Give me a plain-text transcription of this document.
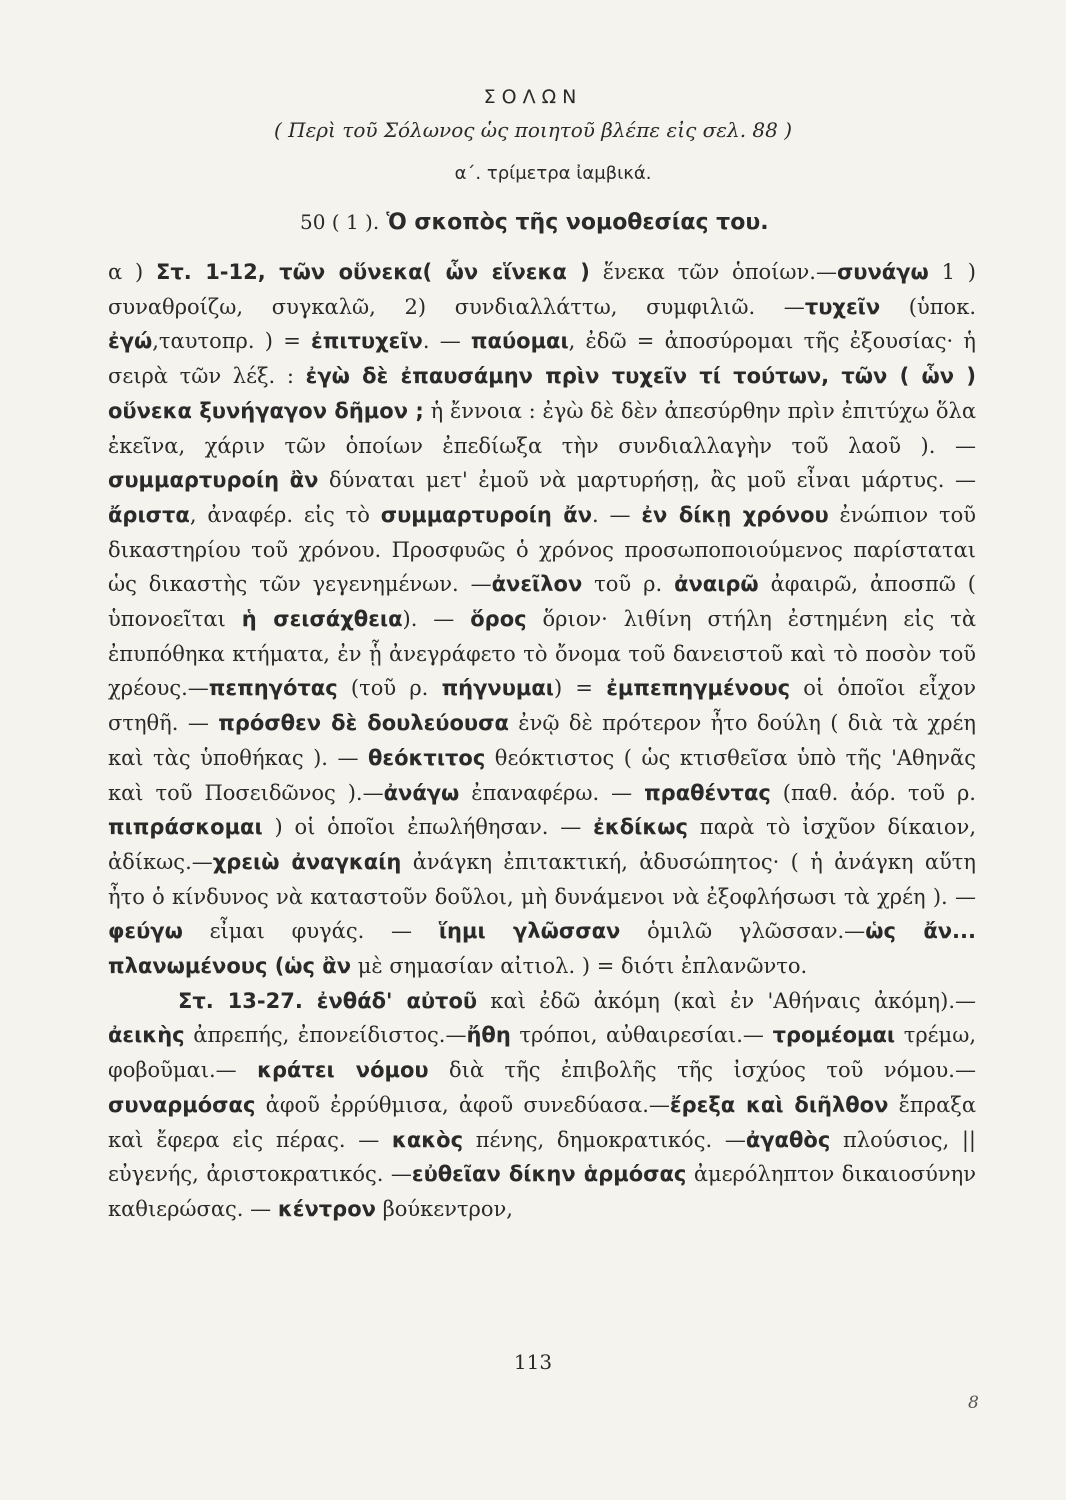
ΣΟΛΩΝ
( Περὶ τοῦ Σόλωνος ὡς ποιητοῦ βλέπε εἰς σελ. 88 )
α΄. τρίμετρα ἰαμβικά.
50 ( 1 ). Ὁ σκοπὸς τῆς νομοθεσίας του.

α ) Στ. 1-12, τῶν οὕνεκα( ὧν εἵνεκα ) ἕνεκα τῶν ὁποίων.—συνάγω 1 ) συναθροίζω, συγκαλῶ, 2) συνδιαλλάττω, συμφιλιῶ. —τυχεῖν (ὑποκ. ἐγώ,ταυτοπρ. ) = ἐπιτυχεῖν. — παύομαι, ἐδῶ = ἀποσύρομαι τῆς ἐξουσίας· ἡ σειρὰ τῶν λέξ. : ἐγὼ δὲ ἐπαυσάμην πρὶν τυχεῖν τί τούτων, τῶν ( ὧν ) οὕνεκα ξυνήγαγον δῆμον ; ἡ ἔννοια : ἐγὼ δὲ δὲν ἀπεσύρθην πρὶν ἐπιτύχω ὅλα ἐκεῖνα, χάριν τῶν ὁποίων ἐπεδίωξα τὴν συνδιαλλαγὴν τοῦ λαοῦ ). — συμμαρτυροίη ἂν δύναται μετ' ἐμοῦ νὰ μαρτυρήσῃ, ἂς μοῦ εἶναι μάρτυς. — ἄριστα, ἀναφέρ. εἰς τὸ συμμαρτυροίη ἄν. — ἐν δίκῃ χρόνου ἐνώπιον τοῦ δικαστηρίου τοῦ χρόνου. Προσφυῶς ὁ χρόνος προσωποποιούμενος παρίσταται ὡς δικαστὴς τῶν γεγενημένων. —ἀνεῖλον τοῦ ρ. ἀναιρῶ ἀφαιρῶ, ἀποσπῶ ( ὑπονοεῖται ἡ σεισάχθεια). — ὅρος ὅριον· λιθίνη στήλη ἐστημένη εἰς τὰ ἐπυπόθηκα κτήματα, ἐν ᾗ ἀνεγράφετο τὸ ὄνομα τοῦ δανειστοῦ καὶ τὸ ποσὸν τοῦ χρέους.—πεπηγότας (τοῦ ρ. πήγνυμαι) = ἐμπεπηγμένους οἱ ὁποῖοι εἶχον στηθῆ. — πρόσθεν δὲ δουλεύουσα ἐνῷ δὲ πρότερον ἦτο δούλη ( διὰ τὰ χρέη καὶ τὰς ὑποθήκας ). — θεόκτιτος θεόκτιστος ( ὡς κτισθεῖσα ὑπὸ τῆς 'Αθηνᾶς καὶ τοῦ Ποσειδῶνος ).—ἀνάγω ἐπαναφέρω. — πραθέντας (παθ. ἀόρ. τοῦ ρ. πιπράσκομαι ) οἱ ὁποῖοι ἐπωλήθησαν. — ἐκδίκως παρὰ τὸ ἰσχῦον δίκαιον, ἀδίκως.—χρειὼ ἀναγκαίη ἀνάγκη ἐπιτακτική, ἀδυσώπητος· ( ἡ ἀνάγκη αὕτη ἦτο ὁ κίνδυνος νὰ καταστοῦν δοῦλοι, μὴ δυνάμενοι νὰ ἐξοφλήσωσι τὰ χρέη ). —φεύγω εἶμαι φυγάς. — ἵημι γλῶσσαν ὁμιλῶ γλῶσσαν.—ὡς ἄν... πλανωμένους (ὡς ἂν μὲ σημασίαν αἰτιολ. ) = διότι ἐπλανῶντο.

Στ. 13-27. ἐνθάδ' αὐτοῦ καὶ ἐδῶ ἀκόμη (καὶ ἐν 'Αθήναις ἀκόμη).— ἀεικὴς ἀπρεπής, ἐπονείδιστος.—ἤθη τρόποι, αὐθαιρεσίαι.— τρομέομαι τρέμω, φοβοῦμαι.— κράτει νόμου διὰ τῆς ἐπιβολῆς τῆς ἰσχύος τοῦ νόμου.— συναρμόσας ἀφοῦ ἐρρύθμισα, ἀφοῦ συνεδύασα.—ἔρεξα καὶ διῆλθον ἔπραξα καὶ ἔφερα εἰς πέρας. — κακὸς πένης, δημοκρατικός. —ἀγαθὸς πλούσιος, || εὐγενής, ἀριστοκρατικός. —εὐθεῖαν δίκην ἁρμόσας ἀμερόληπτον δικαιοσύνην καθιερώσας. — κέντρον βούκεντρον,

113
8
